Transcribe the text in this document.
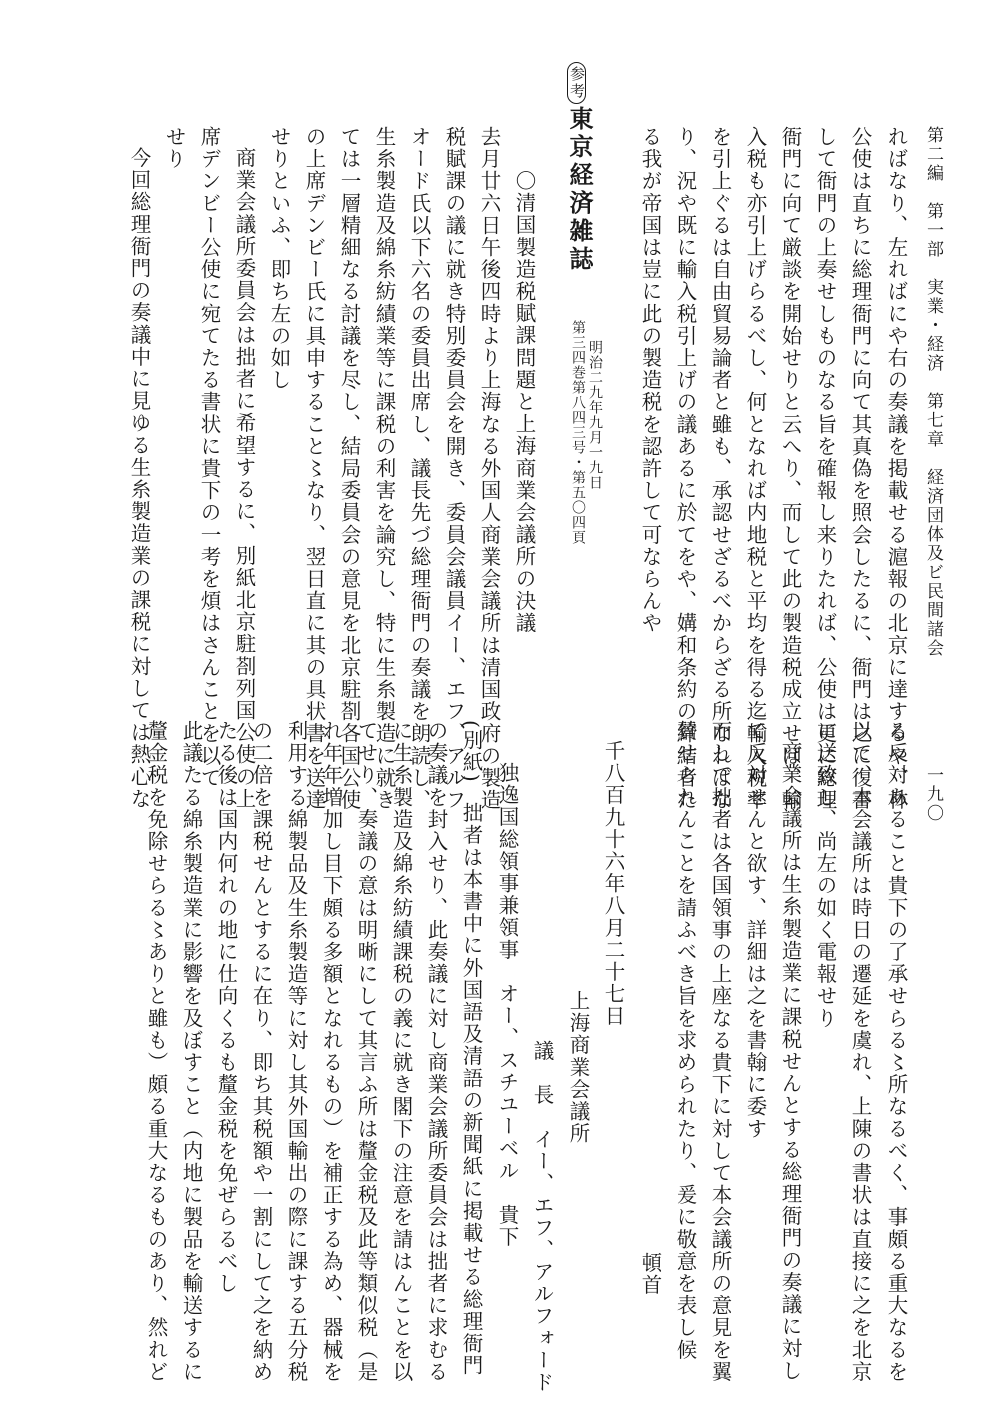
第二編　第一部　実業・経済　第七章　経済団体及ビ民間諸会
一九〇
ればなり、左ればにや右の奏議を掲載せる滬報の北京に達するや、林
公使は直ちに総理衙門に向て其真偽を照会したるに、衙門は之に復書
して衙門の上奏せしものなる旨を確報し来りたれば、公使は更に総理
衙門に向て厳談を開始せりと云へり、而して此の製造税成立せば、輸
入税も亦引上げらるべし、何となれば内地税と平均を得る迄輸入税率
を引上ぐるは自由貿易論者と雖も、承認せざるべからざる所なればな
り、況や既に輸入税引上げの議あるに於てをや、媾和条約の締結者た
る我が帝国は豈に此の製造税を認許して可ならんや
参考
東京経済雑誌
第三四巻第八四三号・第五〇四頁 明治二九年九月一九日
〇清国製造税賦課問題と上海商業会議所の決議
去月廿六日午後四時より上海なる外国人商業会議所は清国政府の製造
税賦課の議に就き特別委員会を開き、委員会議員イー、エフ、アルフ
オード氏以下六名の委員出席し、議長先づ総理衙門の奏議を朗読し、
生糸製造及綿糸紡績業等に課税の利害を論究し、特に生糸製造に就き
ては一層精細なる討議を尽し、結局委員会の意見を北京駐剳各国公使
の上席デンビー氏に具申すること〻なり、翌日直に其の具状書を送達
せりといふ、即ち左の如し
商業会議所委員会は拙者に希望するに、別紙北京駐剳列国公使の上
席デンビー公使に宛てたる書状に貴下の一考を煩はさんことを以て
せり
今回総理衙門の奏議中に見ゆる生糸製造業の課税に対しては熱心な
る反対あること貴下の了承せらる〻所なるべく、事頗る重大なるを
以て、本会議所は時日の遷延を虞れ、上陳の書状は直接に之を北京
に送致し、尚左の如く電報せり
商業会議所は生糸製造業に課税せんとする総理衙門の奏議に対し
て反対せんと欲す、詳細は之を書翰に委す
而して拙者は各国領事の上座なる貴下に対して本会議所の意見を翼
賛せられんことを請ふべき旨を求められたり、爰に敬意を表し候
頓首
千八百九十六年八月二十七日
上海商業会議所
議　長　イー、エフ、アルフォード
独逸国総領事兼領事　オー、スチユーベル　貴下
(別紙)
　拙者は本書中に外国語及清語の新聞紙に掲載せる総理衙門
の奏議を封入せり、此奏議に対し商業会議所委員会は拙者に求むる
に生糸製造及綿糸紡績課税の義に就き閣下の注意を請はんことを以
てせり、奏議の意は明晰にして其言ふ所は釐金税及此等類似税（是
れ年年増加し目下頗る多額となれるもの）を補正する為め、器械を
利用する綿製品及生糸製造等に対し其外国輸出の際に課する五分税
の二倍を課税せんとするに在り、即ち其税額や一割にして之を納め
たる後は国内何れの地に仕向くるも釐金税を免ぜらるべし
此議たる綿糸製造業に影響を及ぼすこと（内地に製品を輸送するに
釐金税を免除せらる〻ありと雖も）頗る重大なるものあり、然れど
